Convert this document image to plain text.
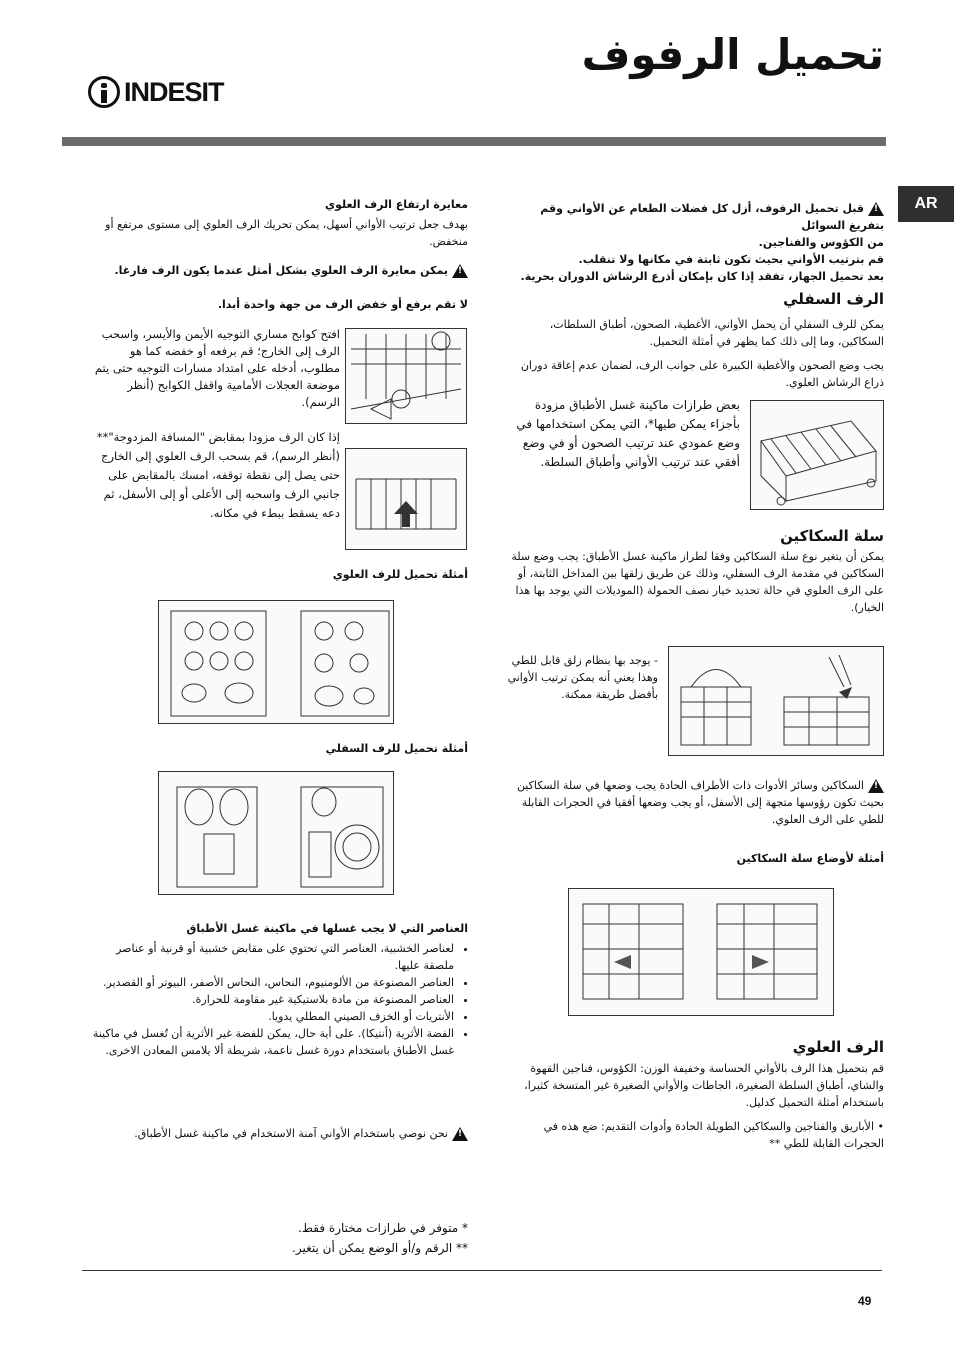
تحميل الرفوف
INDESIT
AR
!قبل تحميل الرفوف، أزل كل فضلات الطعام عن الأواني وقم بتفريغ السوائل
من الكؤوس والفناجين.
قم بترتيب الأواني بحيث تكون ثابتة في مكانها ولا تنقلب.
بعد تحميل الجهاز، تفقد إذا كان بإمكان أذرع الرشاش الدوران بحرية.
الرف السفلي
يمكن للرف السفلي أن يحمل الأواني، الأغطية، الصحون، أطباق السلطات، السكاكين، وما إلى ذلك كما يظهر في أمثلة التحميل.
يجب وضع الصحون والأغطية الكبيرة على جوانب الرف، لضمان عدم إعاقة دوران ذراع الرشاش العلوي.
بعض طرازات ماكينة غسل الأطباق مزودة بأجزاء يمكن طيها*، التي يمكن استخدامها في وضع عمودي عند ترتيب الصحون أو في وضع أفقي عند ترتيب الأواني وأطباق السلطة.
سلة السكاكين
يمكن أن يتغير نوع سلة السكاكين وفقا لطراز ماكينة غسل الأطباق: يجب وضع سلة السكاكين في مقدمة الرف السفلي، وذلك عن طريق زلقها بين المداخل الثابتة، أو على الرف العلوي في حالة تحديد خيار نصف الحمولة (الموديلات التي يوجد بها هذا الخيار).
- يوجد بها بنظام زلق قابل للطي وهذا يعني أنه يمكن ترتيب الأواني بأفضل طريقة ممكنة.
!السكاكين وسائر الأدوات ذات الأطراف الحادة يجب وضعها في سلة السكاكين بحيث تكون رؤوسها متجهة إلى الأسفل، أو يجب وضعها أفقيا في الحجرات القابلة للطي على الرف العلوي.
أمثلة لأوضاع سلة السكاكين
الرف العلوي
قم بتحميل هذا الرف بالأواني الحساسة وخفيفة الوزن: الكؤوس، فناجين القهوة والشاي، أطباق السلطة الصغيرة، الجاطات والأواني الصغيرة غير المتسخة كثيرا، باستخدام أمثلة التحميل كدليل.
• الأباريق والفناجين والسكاكين الطويلة الحادة وأدوات التقديم: ضع هذه في الحجرات القابلة للطي **
معايرة ارتفاع الرف العلوي
بهدف جعل ترتيب الأواني أسهل، يمكن تحريك الرف العلوي إلى مستوى مرتفع أو منخفض.
!يمكن معايرة الرف العلوي بشكل أمثل عندما يكون الرف فارغا.
لا تقم برفع أو خفض الرف من جهة واحدة أبدا.
افتح كوابح مساري التوجيه الأيمن والأيسر، واسحب الرف إلى الخارج؛ قم برفعه أو خفضه كما هو مطلوب، أدخله على امتداد مسارات التوجيه حتى يتم موضعة العجلات الأمامية واقفل الكوابح (أنظر الرسم).
إذا كان الرف مزودا بمقابض "المسافة المزدوجة"** (أنظر الرسم)، قم بسحب الرف العلوي إلى الخارج حتى يصل إلى نقطة توقفه، امسك بالمقابض على جانبي الرف واسحبه إلى الأعلى أو إلى الأسفل، ثم دعه يسقط ببطء في مكانه.
أمثلة تحميل للرف العلوي
أمثلة تحميل للرف السفلي
العناصر التي لا يجب غسلها في ماكينة غسل الأطباق
• لعناصر الخشبية، العناصر التي تحتوي على مقابض خشبية أو قرنية أو عناصر ملصقة عليها.
• العناصر المصنوعة من الألومنيوم، النحاس، النحاس الأصفر، البيوتر أو القصدير.
• العناصر المصنوعة من مادة بلاستيكية غير مقاومة للحرارة.
• الأنتريات أو الخزف الصيني المطلي يدويا.
• الفضة الأثرية (أنتيكا). على أية حال، يمكن للفضة غير الأثرية أن تُغسل في ماكينة غسل الأطباق باستخدام دورة غسل ناعمة، شريطة ألا يلامس المعادن الاخرى.
!نحن نوصي باستخدام الأواني آمنة الاستخدام في ماكينة غسل الأطباق.
* متوفر في طرازات مختارة فقط.
** الرقم و/أو الوضع يمكن أن يتغير.
49
